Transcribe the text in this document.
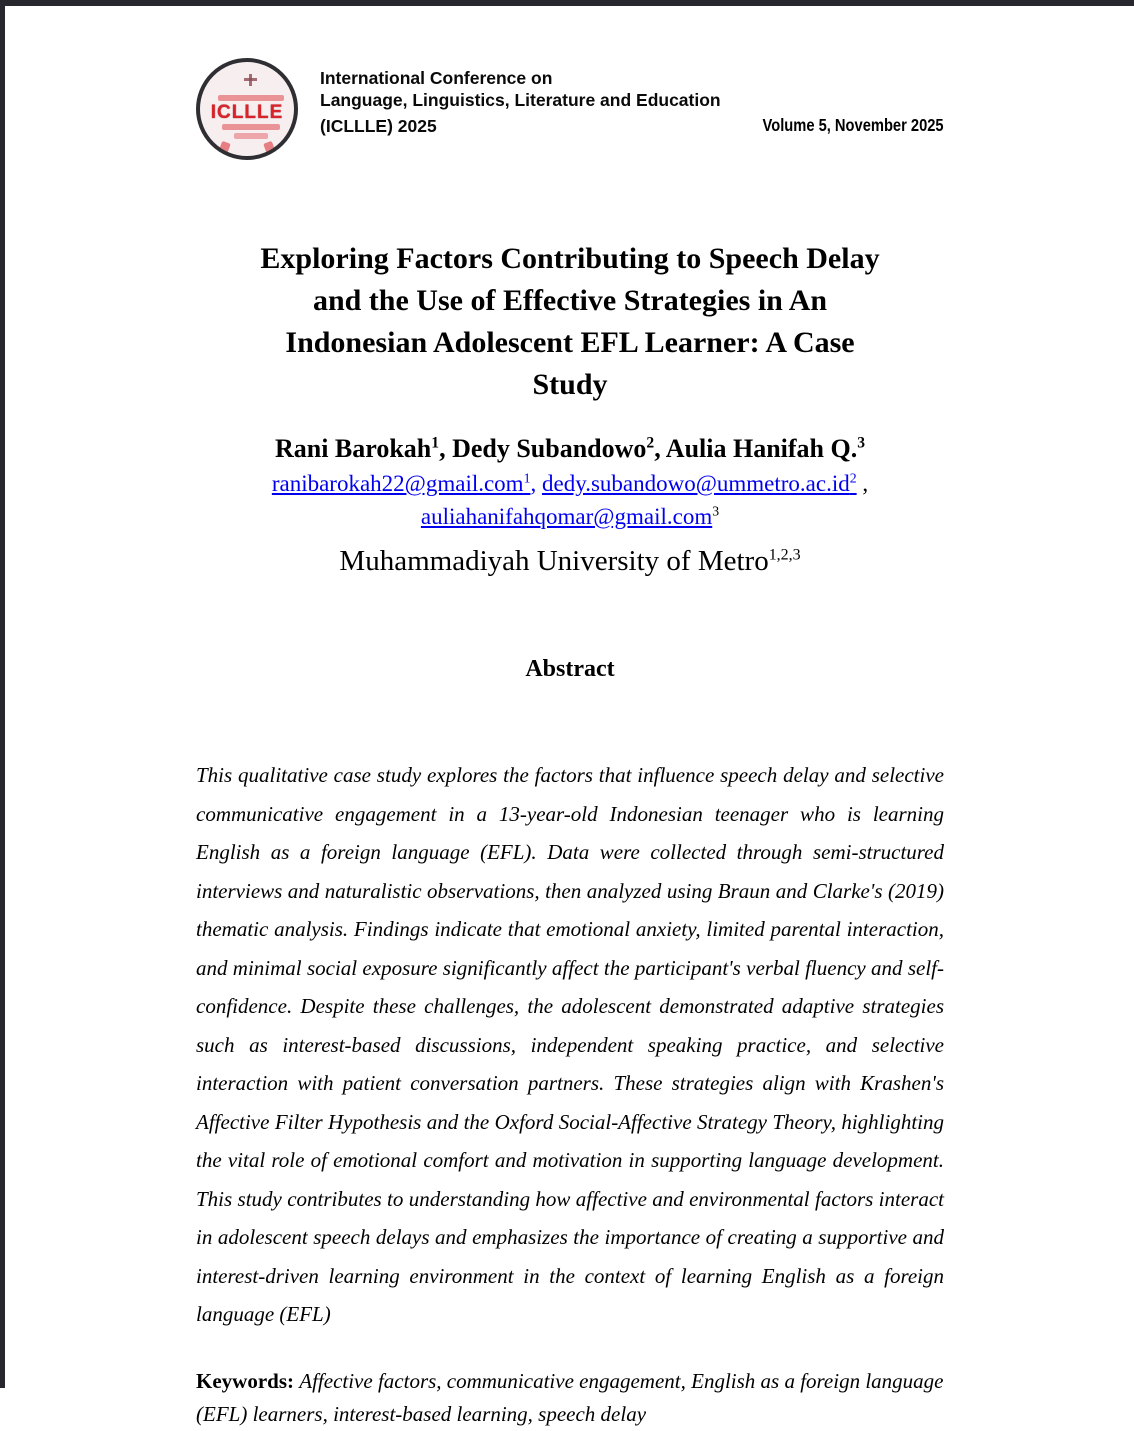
ICLLLE
International Conference on
Language, Linguistics, Literature and Education
(ICLLLE) 2025	Volume 5, November 2025
Exploring Factors Contributing to Speech Delay
and the Use of Effective Strategies in An
Indonesian Adolescent EFL Learner: A Case
Study
Rani Barokah$^1$, Dedy Subandowo$^2$, Aulia Hanifah Q.$^3$
ranibarokah22@gmail.com$^1$, $dedy.subandowo@ummetro.ac.id^2$ ,
auliahanifahqomar@gmail.com$^3$
Muhammadiyah University of Metro$^{1,2,3}$
Abstract

This qualitative case study explores the factors that influence speech delay and selective communicative engagement in a 13-year-old Indonesian teenager who is learning English as a foreign language (EFL). Data were collected through semi-structured interviews and naturalistic observations, then analyzed using Braun and Clarke's (2019) thematic analysis. Findings indicate that emotional anxiety, limited parental interaction, and minimal social exposure significantly affect the participant's verbal fluency and self-confidence. Despite these challenges, the adolescent demonstrated adaptive strategies such as interest-based discussions, independent speaking practice, and selective interaction with patient conversation partners. These strategies align with Krashen's Affective Filter Hypothesis and the Oxford Social-Affective Strategy Theory, highlighting the vital role of emotional comfort and motivation in supporting language development. This study contributes to understanding how affective and environmental factors interact in adolescent speech delays and emphasizes the importance of creating a supportive and interest-driven learning environment in the context of learning English as a foreign language (EFL)

Keywords: Affective factors, communicative engagement, English as a foreign language (EFL) learners, interest-based learning, speech delay
